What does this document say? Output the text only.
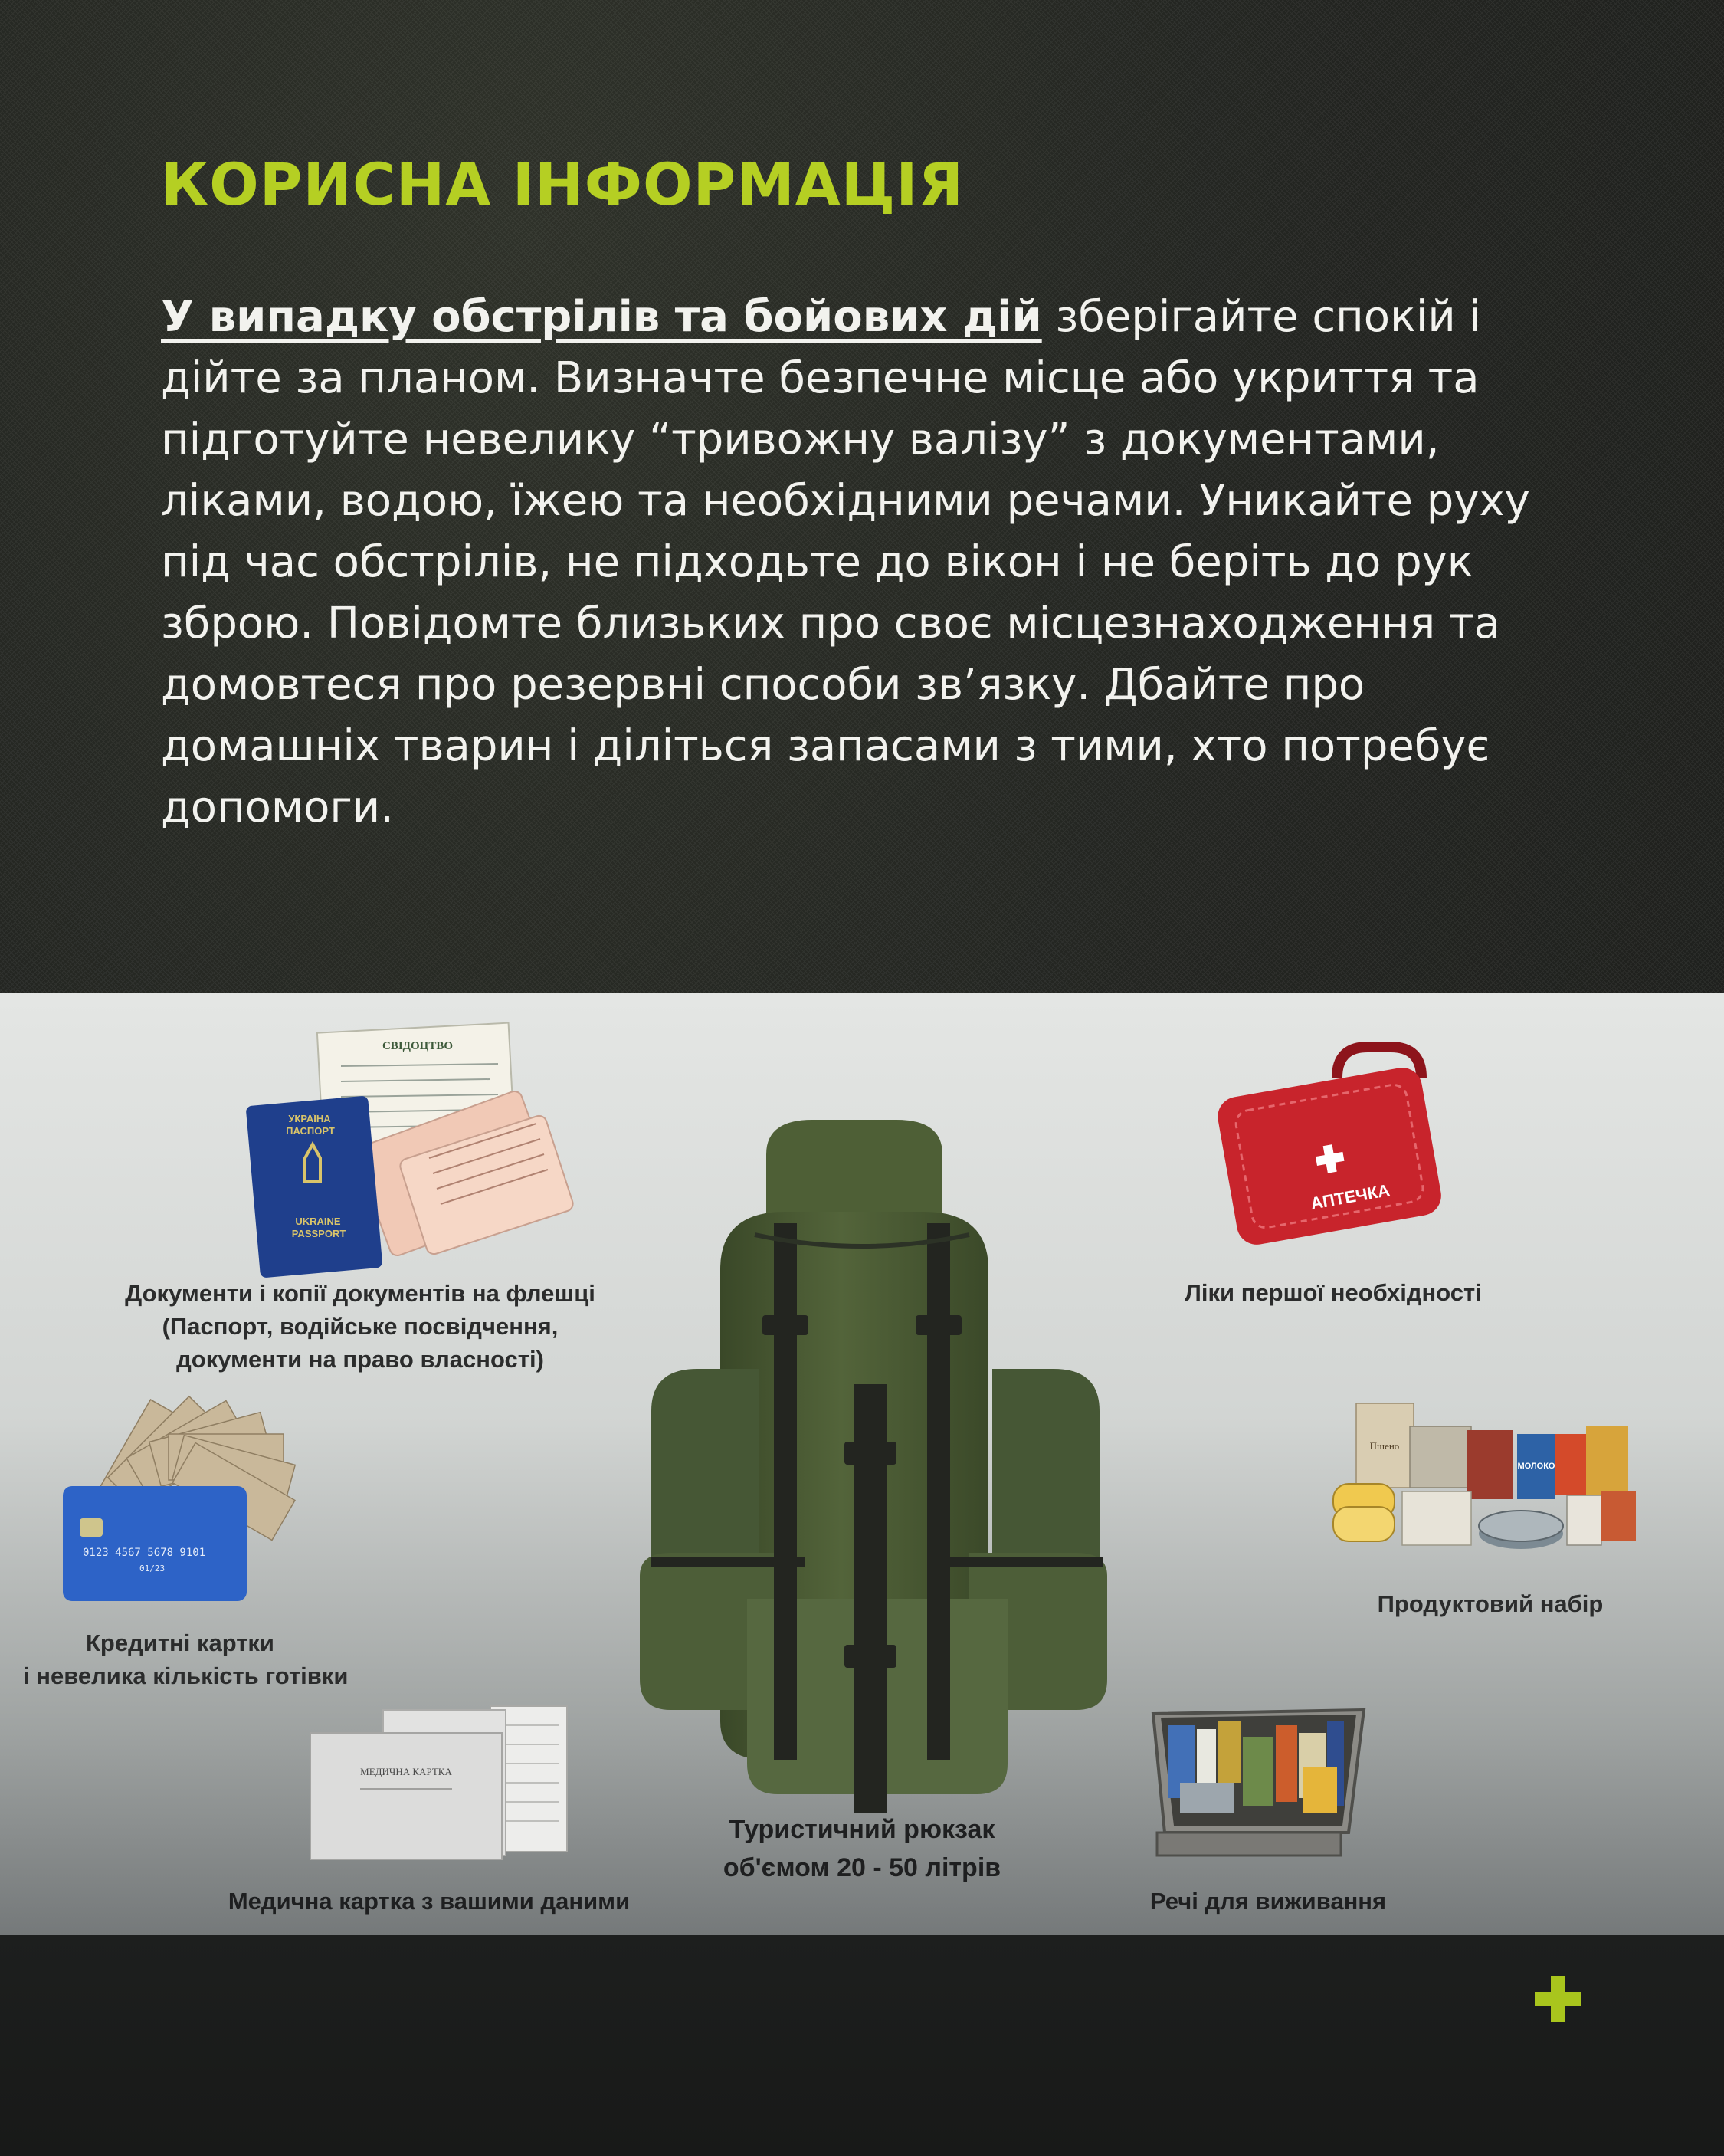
КОРИСНА ІНФОРМАЦІЯ

У випадку обстрілів та бойових дій зберігайте спокій і дійте за планом. Визначте безпечне місце або укриття та підготуйте невелику “тривожну валізу” з документами, ліками, водою, їжею та необхідними речами. Уникайте руху під час обстрілів, не підходьте до вікон і не беріть до рук зброю. Повідомте близьких про своє місцезнаходження та домовтеся про резервні способи зв’язку. Дбайте про домашніх тварин і діліться запасами з тими, хто потребує допомоги.

СВІДОЦТВО
УКРАЇНА
ПАСПОРТ
UKRAINE
PASSPORT
0123 4567 5678 9101
01/23
МЕДИЧНА КАРТКА
АПТЕЧКА
Пшено
МОЛОКО
Документи і копії документів на флешці
(Паспорт, водійське посвідчення,
документи на право власності)
Ліки першої необхідності
Продуктовий набір
Кредитні картки
і невелика кількість готівки
Туристичний рюкзак
об'ємом 20 - 50 літрів
Медична картка з вашими даними	Речі для виживання
